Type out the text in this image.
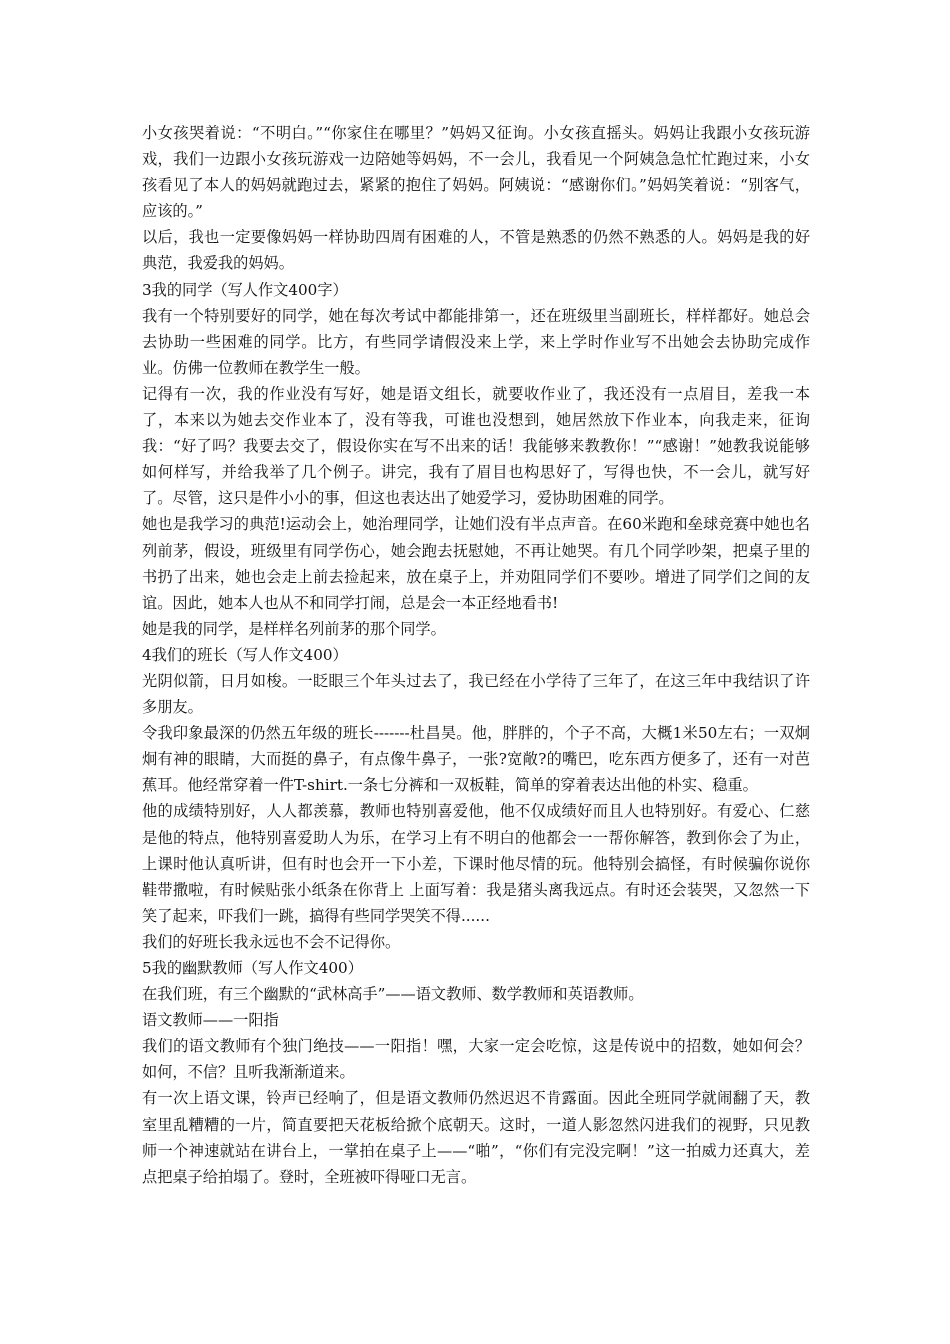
小女孩哭着说：“不明白。”“你家住在哪里？”妈妈又征询。小女孩直摇头。妈妈让我跟小女孩玩游戏，我们一边跟小女孩玩游戏一边陪她等妈妈，不一会儿，我看见一个阿姨急急忙忙跑过来，小女孩看见了本人的妈妈就跑过去，紧紧的抱住了妈妈。阿姨说：“感谢你们。”妈妈笑着说：“别客气，应该的。”

以后，我也一定要像妈妈一样协助四周有困难的人，不管是熟悉的仍然不熟悉的人。妈妈是我的好典范，我爱我的妈妈。

3我的同学（写人作文400字）

我有一个特别要好的同学，她在每次考试中都能排第一，还在班级里当副班长，样样都好。她总会去协助一些困难的同学。比方，有些同学请假没来上学，来上学时作业写不出她会去协助完成作业。仿佛一位教师在教学生一般。

记得有一次，我的作业没有写好，她是语文组长，就要收作业了，我还没有一点眉目，差我一本了，本来以为她去交作业本了，没有等我，可谁也没想到，她居然放下作业本，向我走来，征询我：“好了吗？我要去交了，假设你实在写不出来的话！我能够来教教你！”“感谢！”她教我说能够如何样写，并给我举了几个例子。讲完，我有了眉目也构思好了，写得也快，不一会儿，就写好了。尽管，这只是件小小的事，但这也表达出了她爱学习，爱协助困难的同学。

她也是我学习的典范!运动会上，她治理同学，让她们没有半点声音。在60米跑和垒球竞赛中她也名列前茅，假设，班级里有同学伤心，她会跑去抚慰她，不再让她哭。有几个同学吵架，把桌子里的书扔了出来，她也会走上前去捡起来，放在桌子上，并劝阻同学们不要吵。增进了同学们之间的友谊。因此，她本人也从不和同学打闹，总是会一本正经地看书!

她是我的同学，是样样名列前茅的那个同学。

4我们的班长（写人作文400）

光阴似箭，日月如梭。一眨眼三个年头过去了，我已经在小学待了三年了，在这三年中我结识了许多朋友。

令我印象最深的仍然五年级的班长-------杜昌昊。他，胖胖的，个子不高，大概1米50左右；一双炯炯有神的眼睛，大而挺的鼻子，有点像牛鼻子，一张?宽敞?的嘴巴，吃东西方便多了，还有一对芭蕉耳。他经常穿着一件T-shirt.一条七分裤和一双板鞋，简单的穿着表达出他的朴实、稳重。

他的成绩特别好，人人都羡慕，教师也特别喜爱他，他不仅成绩好而且人也特别好。有爱心、仁慈是他的特点，他特别喜爱助人为乐，在学习上有不明白的他都会一一帮你解答，教到你会了为止，上课时他认真听讲，但有时也会开一下小差，下课时他尽情的玩。他特别会搞怪，有时候骗你说你鞋带撒啦，有时候贴张小纸条在你背上 上面写着：我是猪头离我远点。有时还会装哭，又忽然一下笑了起来，吓我们一跳，搞得有些同学哭笑不得......

我们的好班长我永远也不会不记得你。

5我的幽默教师（写人作文400）

在我们班，有三个幽默的“武林高手”——语文教师、数学教师和英语教师。

语文教师——一阳指

我们的语文教师有个独门绝技——一阳指！嘿，大家一定会吃惊，这是传说中的招数，她如何会？如何，不信？且听我渐渐道来。

有一次上语文课，铃声已经响了，但是语文教师仍然迟迟不肯露面。因此全班同学就闹翻了天，教室里乱糟糟的一片，简直要把天花板给掀个底朝天。这时，一道人影忽然闪进我们的视野，只见教师一个神速就站在讲台上，一掌拍在桌子上——“啪”，“你们有完没完啊！”这一拍威力还真大，差点把桌子给拍塌了。登时，全班被吓得哑口无言。
